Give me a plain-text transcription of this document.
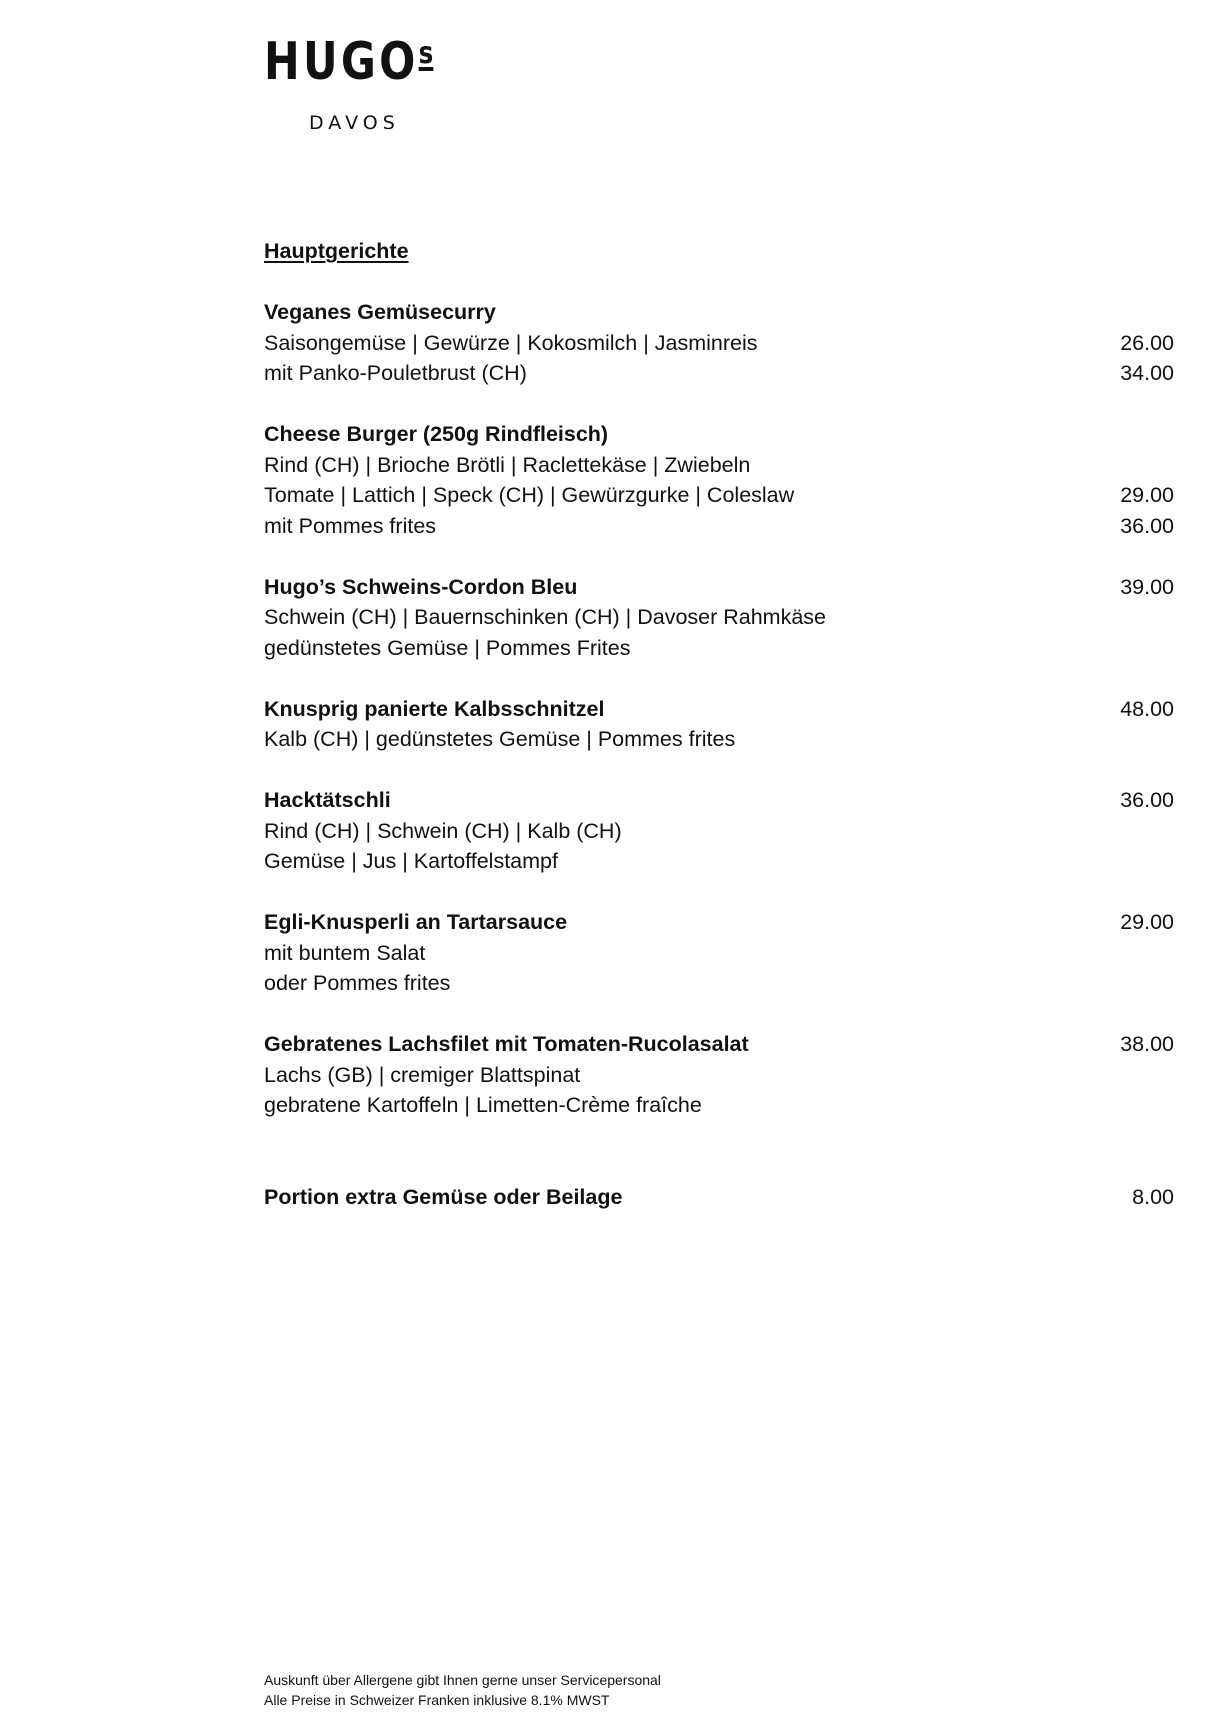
HUGO$^s$
DAVOS
Hauptgerichte
Veganes Gemüsecurry
Saisongemüse | Gewürze | Kokosmilch | Jasminreis	26.00
mit Panko-Pouletbrust (CH)	34.00
Cheese Burger (250g Rindfleisch)
Rind (CH) | Brioche Brötli | Raclettekäse | Zwiebeln
Tomate | Lattich | Speck (CH) | Gewürzgurke | Coleslaw	29.00
mit Pommes frites	36.00
Hugo’s Schweins-Cordon Bleu	39.00
Schwein (CH) | Bauernschinken (CH) | Davoser Rahmkäse
gedünstetes Gemüse | Pommes Frites
Knusprig panierte Kalbsschnitzel	48.00
Kalb (CH) | gedünstetes Gemüse | Pommes frites
Hacktätschli	36.00
Rind (CH) | Schwein (CH) | Kalb (CH)
Gemüse | Jus | Kartoffelstampf
Egli-Knusperli an Tartarsauce	29.00
mit buntem Salat
oder Pommes frites
Gebratenes Lachsfilet mit Tomaten-Rucolasalat	38.00
Lachs (GB) | cremiger Blattspinat
gebratene Kartoffeln | Limetten-Crème fraîche
Portion extra Gemüse oder Beilage	8.00
Auskunft über Allergene gibt Ihnen gerne unser Servicepersonal
Alle Preise in Schweizer Franken inklusive 8.1% MWST
